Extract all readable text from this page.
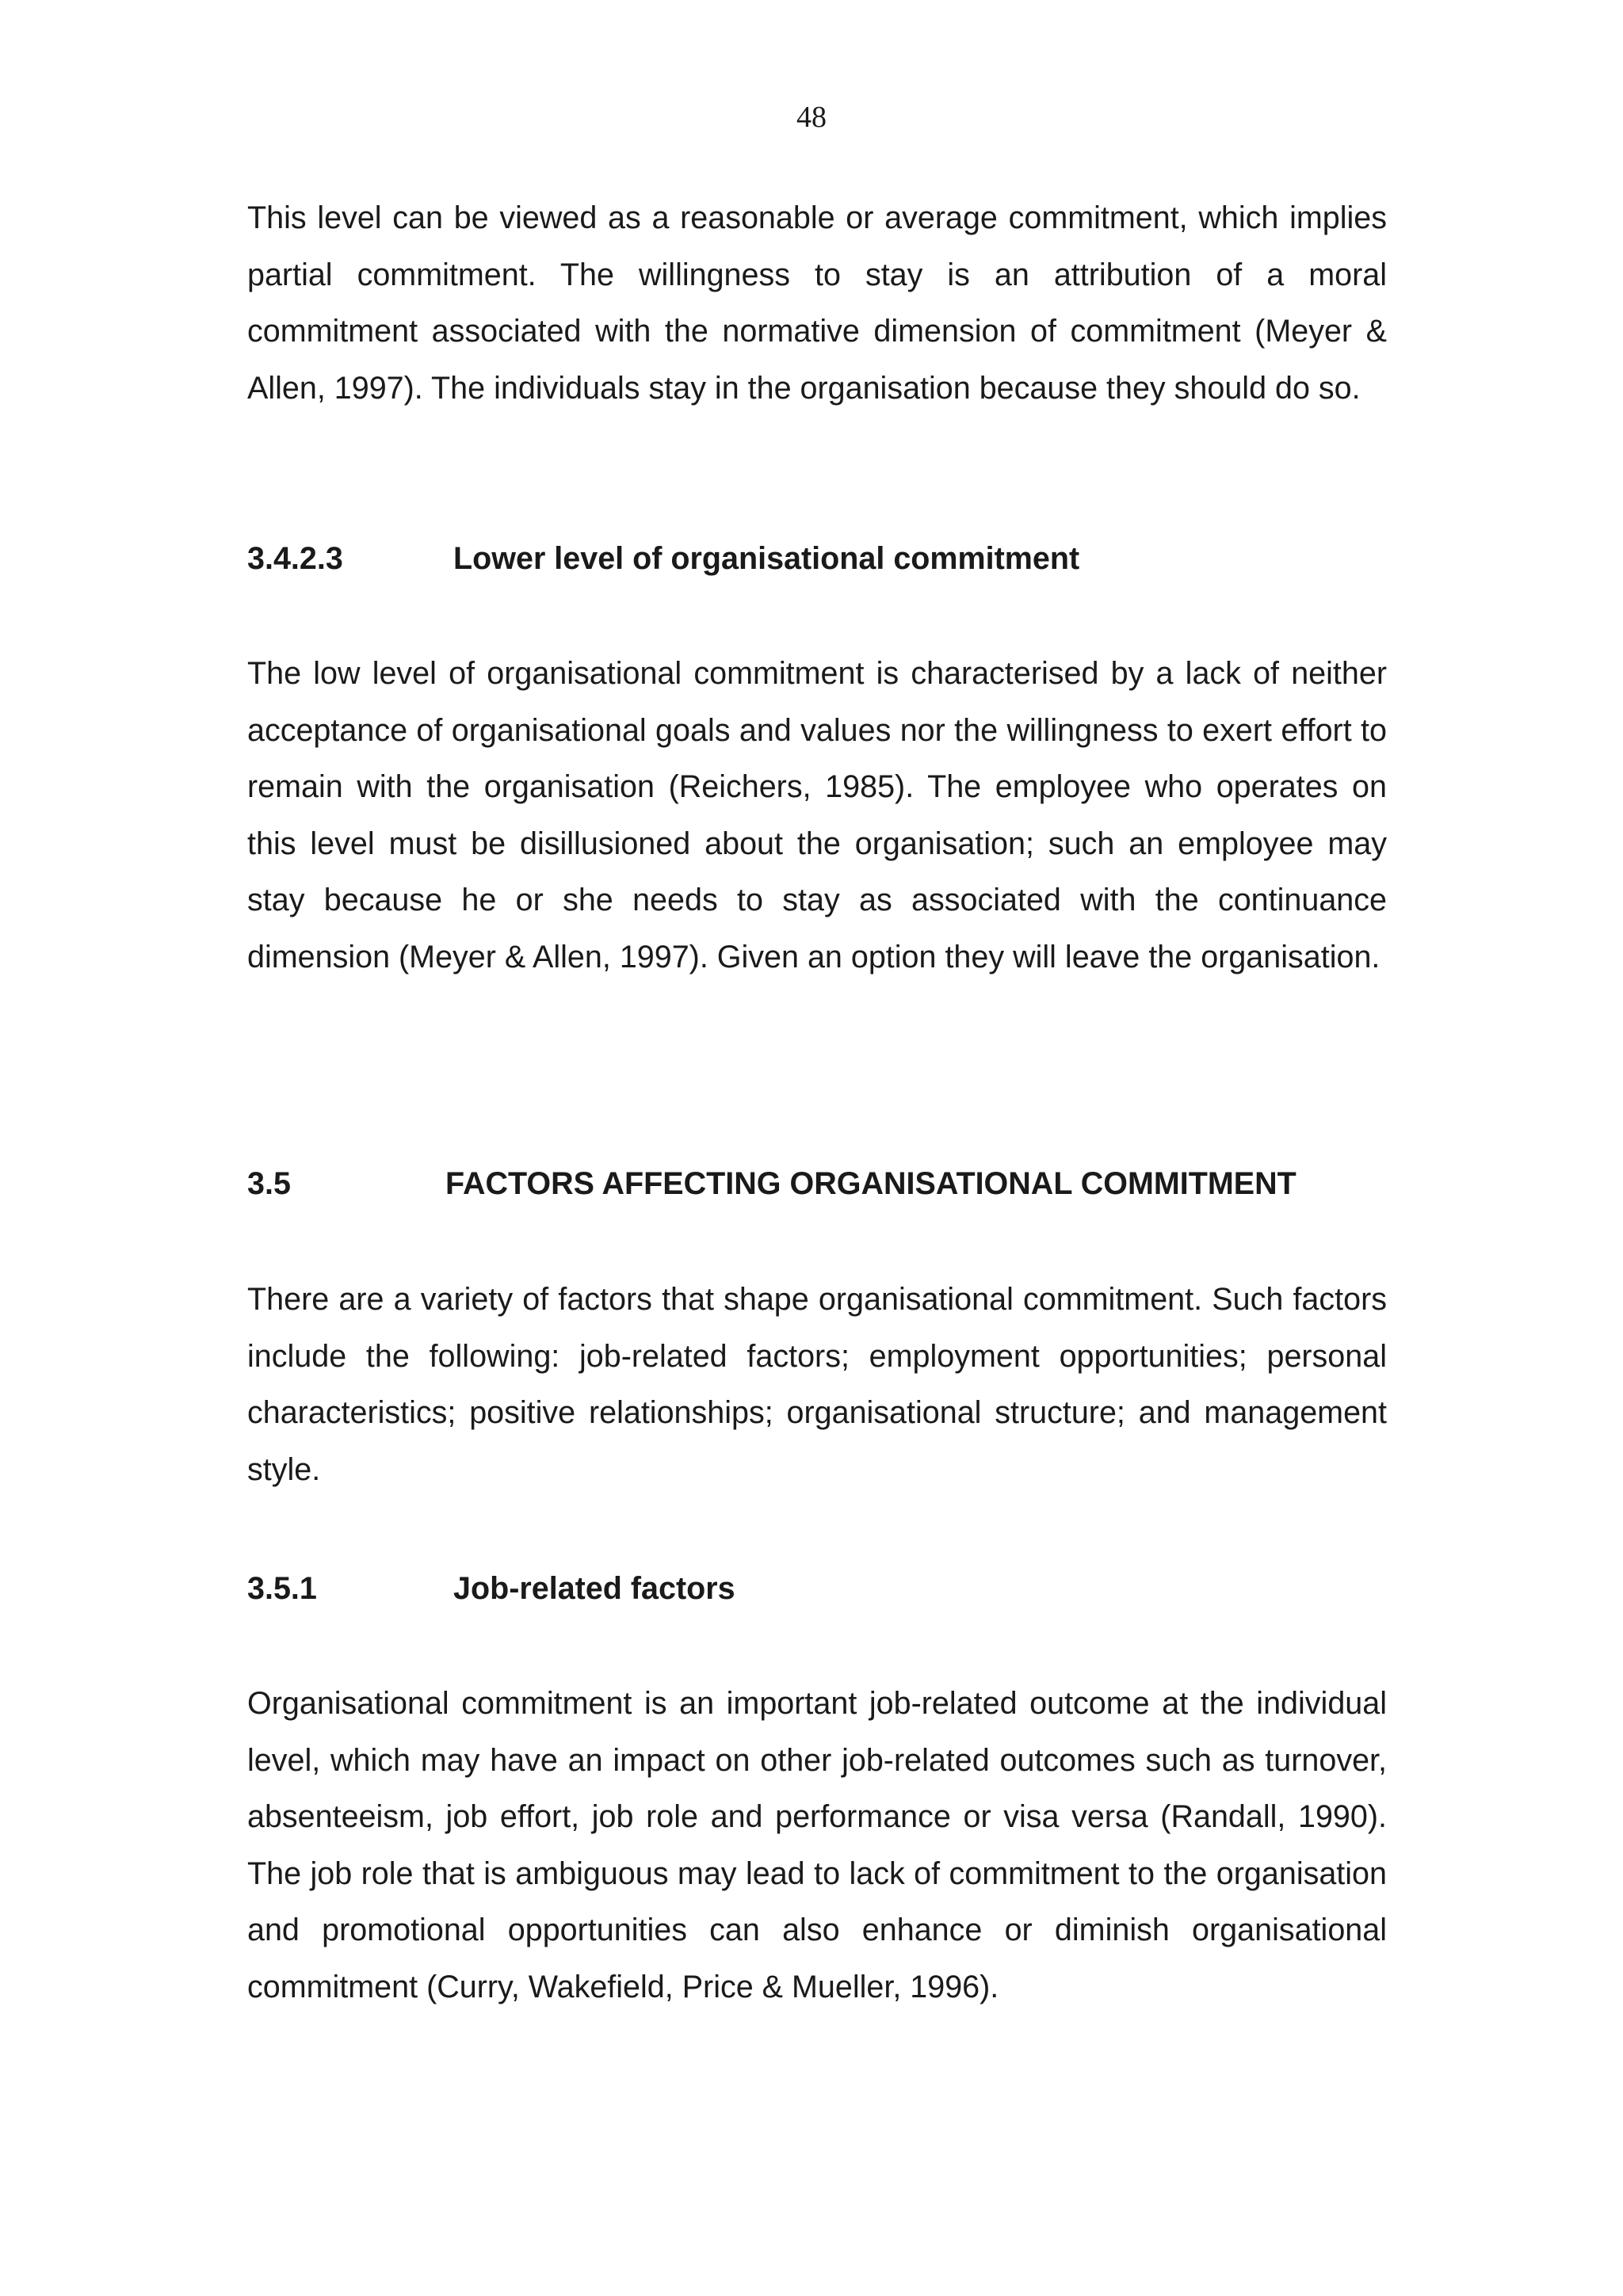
48

This level can be viewed as a reasonable or average commitment, which implies partial commitment. The willingness to stay is an attribution of a moral commitment associated with the normative dimension of commitment (Meyer & Allen, 1997). The individuals stay in the organisation because they should do so.

3.4.2.3	Lower level of organisational commitment

The low level of organisational commitment is characterised by a lack of neither acceptance of organisational goals and values nor the willingness to exert effort to remain with the organisation (Reichers, 1985). The employee who operates on this level must be disillusioned about the organisation; such an employee may stay because he or she needs to stay as associated with the continuance dimension (Meyer & Allen, 1997). Given an option they will leave the organisation.

3.5	FACTORS AFFECTING ORGANISATIONAL COMMITMENT

There are a variety of factors that shape organisational commitment. Such factors include the following: job-related factors; employment opportunities; personal characteristics; positive relationships; organisational structure; and management style.

3.5.1	Job-related factors

Organisational commitment is an important job-related outcome at the individual level, which may have an impact on other job-related outcomes such as turnover, absenteeism, job effort, job role and performance or visa versa (Randall, 1990). The job role that is ambiguous may lead to lack of commitment to the organisation and promotional opportunities can also enhance or diminish organisational commitment (Curry, Wakefield, Price & Mueller, 1996).
